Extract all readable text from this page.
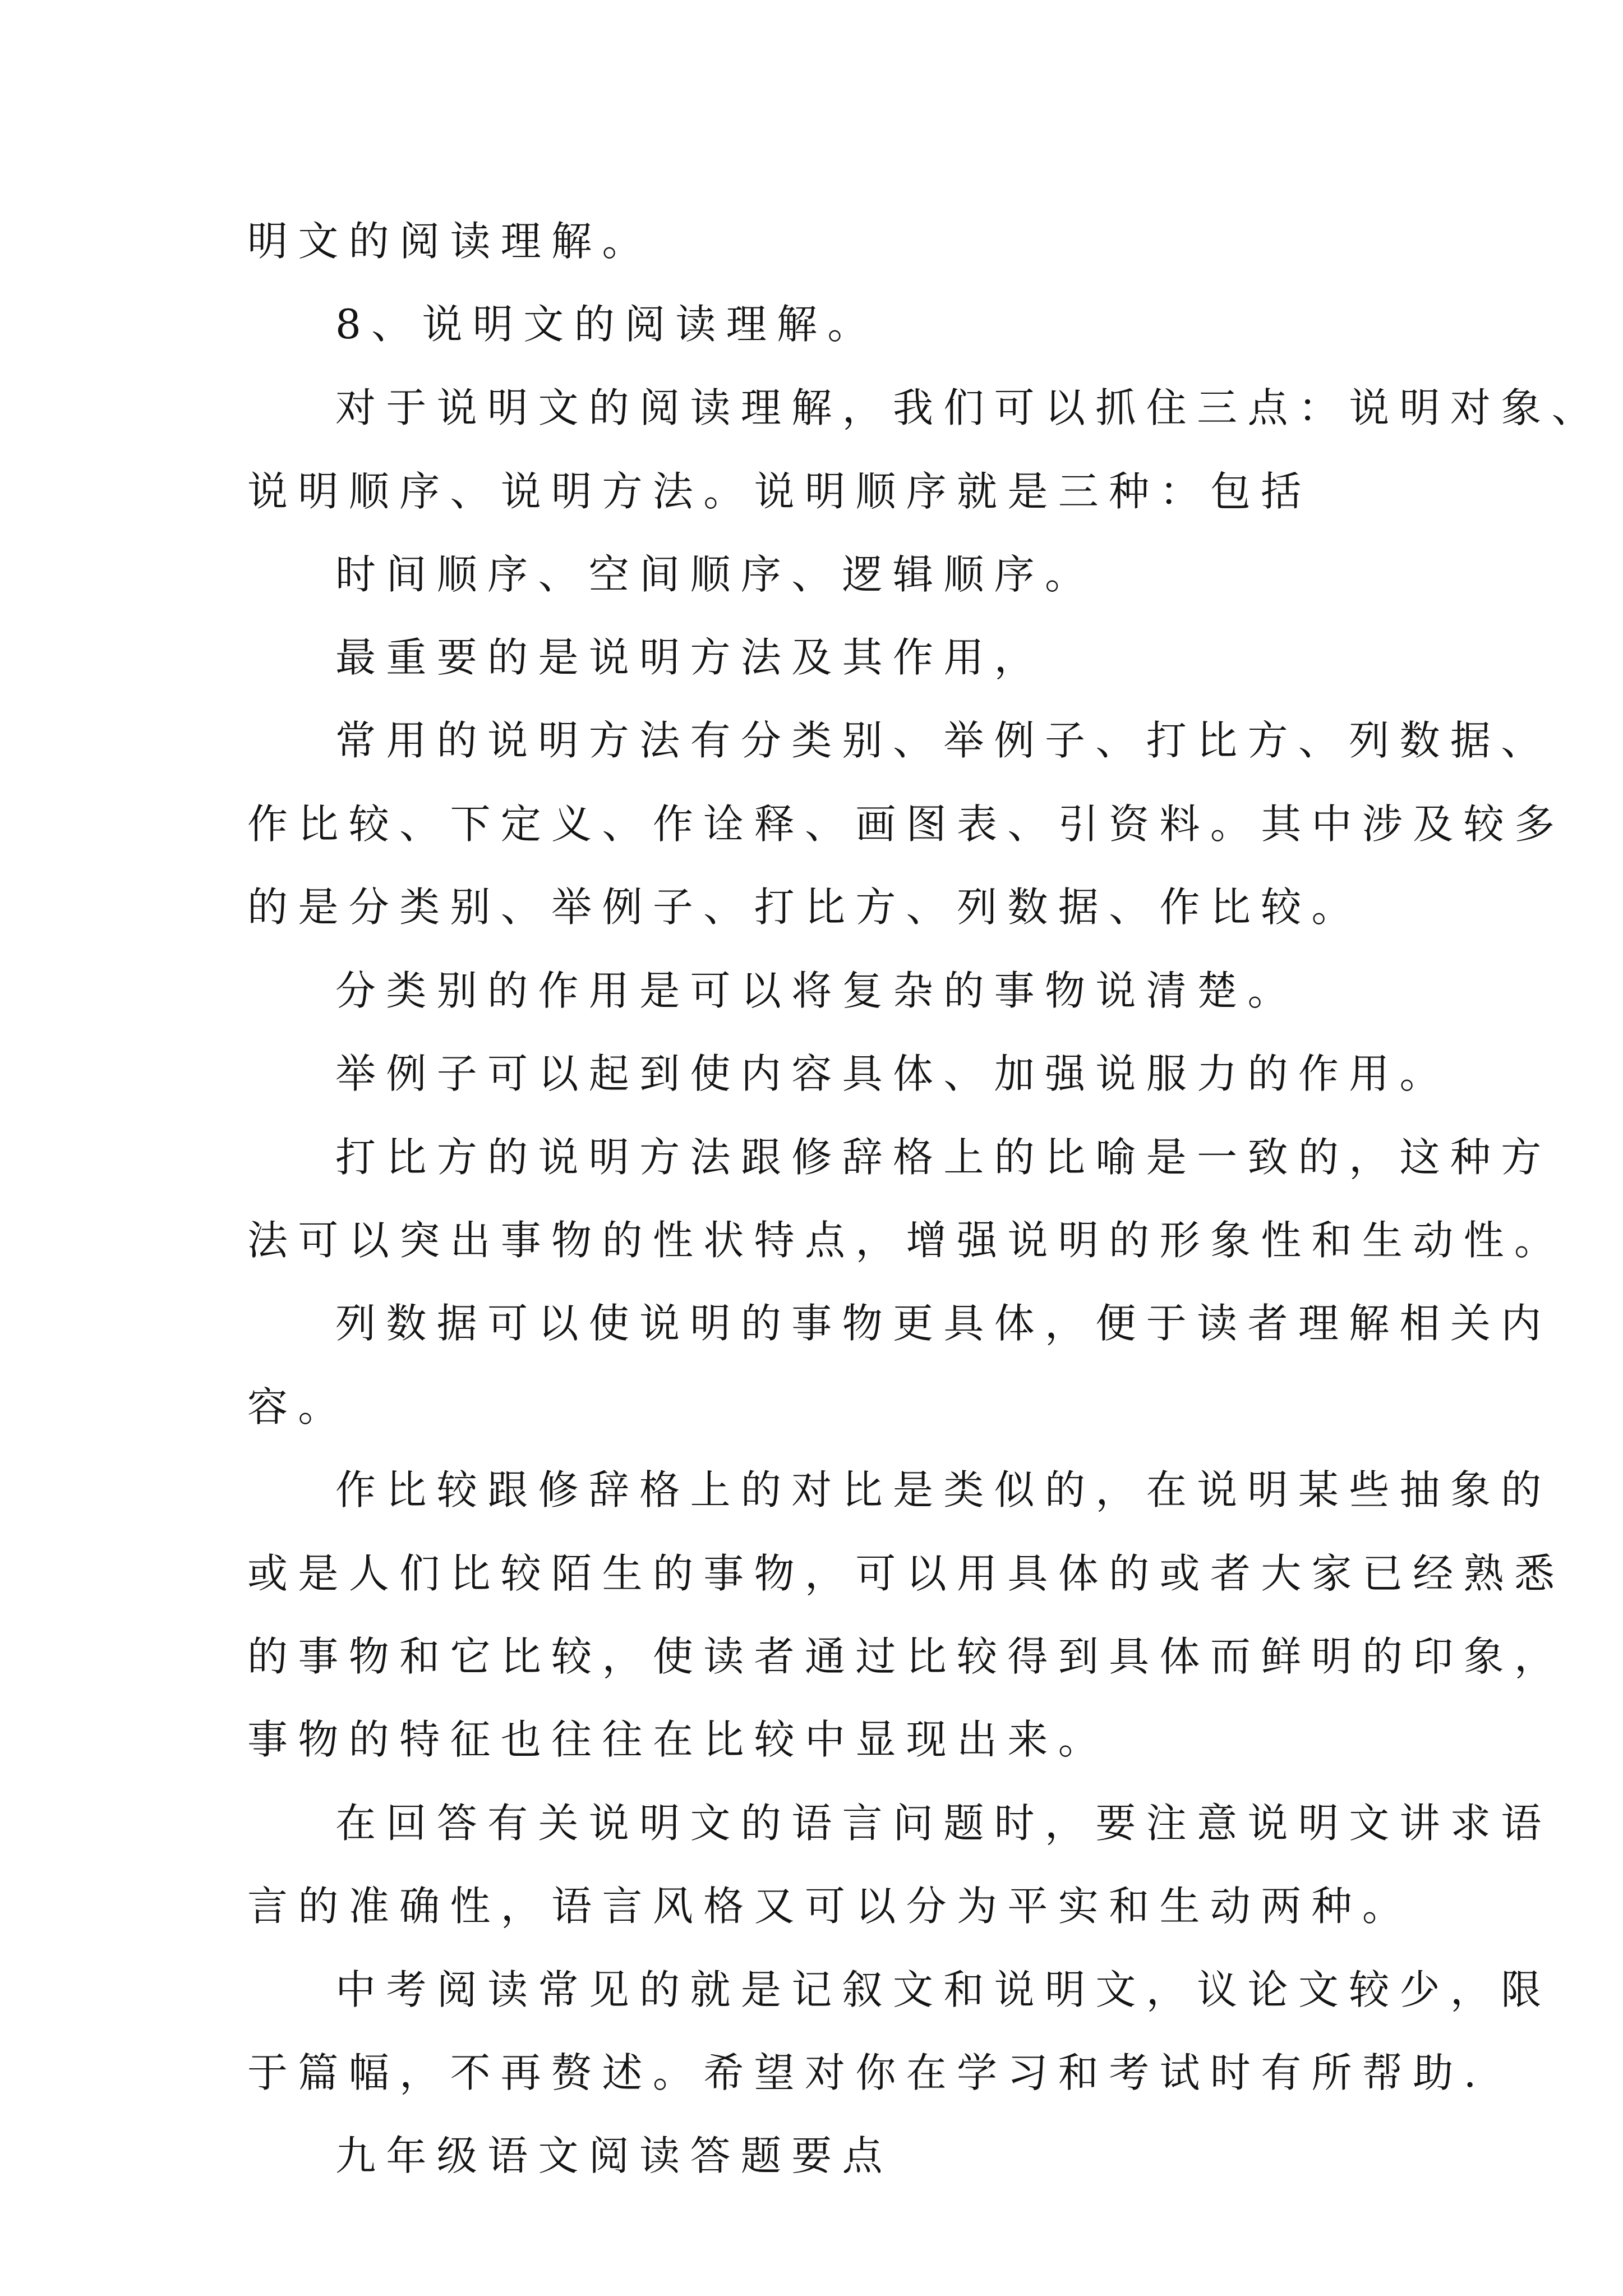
明文的阅读理解。
8、说明文的阅读理解。
对于说明文的阅读理解，我们可以抓住三点：说明对象、
说明顺序、说明方法。说明顺序就是三种：包括
时间顺序、空间顺序、逻辑顺序。
最重要的是说明方法及其作用，
常用的说明方法有分类别、举例子、打比方、列数据、
作比较、下定义、作诠释、画图表、引资料。其中涉及较多
的是分类别、举例子、打比方、列数据、作比较。
分类别的作用是可以将复杂的事物说清楚。
举例子可以起到使内容具体、加强说服力的作用。
打比方的说明方法跟修辞格上的比喻是一致的，这种方
法可以突出事物的性状特点，增强说明的形象性和生动性。
列数据可以使说明的事物更具体，便于读者理解相关内
容。
作比较跟修辞格上的对比是类似的，在说明某些抽象的
或是人们比较陌生的事物，可以用具体的或者大家已经熟悉
的事物和它比较，使读者通过比较得到具体而鲜明的印象，
事物的特征也往往在比较中显现出来。
在回答有关说明文的语言问题时，要注意说明文讲求语
言的准确性，语言风格又可以分为平实和生动两种。
中考阅读常见的就是记叙文和说明文，议论文较少，限
于篇幅，不再赘述。希望对你在学习和考试时有所帮助.
九年级语文阅读答题要点
